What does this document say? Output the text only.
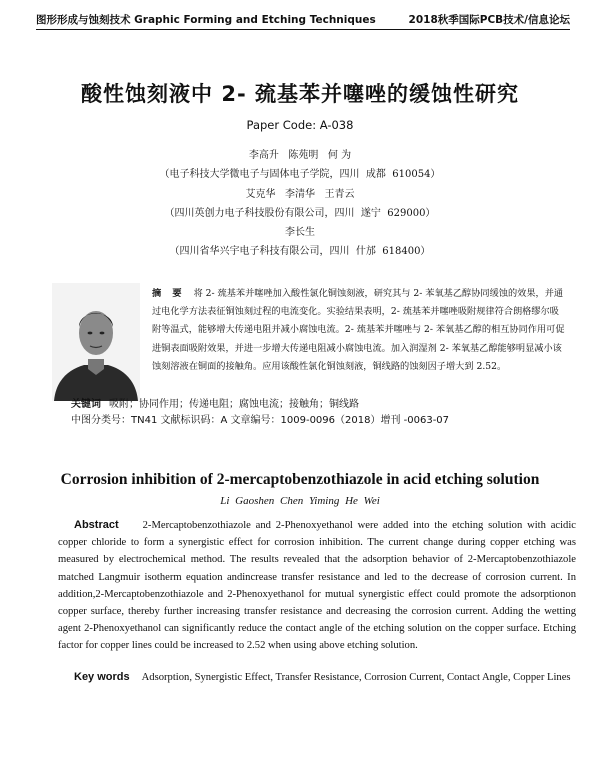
图形形成与蚀刻技术 Graphic Forming and Etching Techniques	2018秋季国际PCB技术/信息论坛
酸性蚀刻液中 2- 巯基苯并噻唑的缓蚀性研究
Paper Code: A-038
李高升   陈苑明   何 为
（电子科技大学微电子与固体电子学院，四川  成都  610054）
艾克华   李清华   王青云
（四川英创力电子科技股份有限公司，四川  遂宁  629000）
李长生
（四川省华兴宇电子科技有限公司，四川  什邡  618400）
摘 要 将 2- 巯基苯并噻唑加入酸性氯化铜蚀刻液，研究其与 2- 苯氧基乙醇协同缓蚀的效果，并通过电化学方法表征铜蚀刻过程的电流变化。实验结果表明，2- 巯基苯并噻唑吸附规律符合朗格缪尔吸附等温式，能够增大传递电阻并减小腐蚀电流。2- 巯基苯并噻唑与 2- 苯氧基乙醇的相互协同作用可促进铜表面吸附效果，并进一步增大传递电阻减小腐蚀电流。加入润湿剂 2- 苯氧基乙醇能够明显减小该蚀刻溶液在铜面的接触角。应用该酸性氯化铜蚀刻液，铜线路的蚀刻因子增大到 2.52。
关键词 吸附；协同作用；传递电阻；腐蚀电流；接触角；铜线路
中图分类号：TN41 文献标识码：A 文章编号：1009-0096（2018）增刊 -0063-07
Corrosion inhibition of 2-mercaptobenzothiazole in acid etching solution
Li Gaoshen Chen Yiming He Wei
Abstract 2-Mercaptobenzothiazole and 2-Phenoxyethanol were added into the etching solution with acidic copper chloride to form a synergistic effect for corrosion inhibition. The current change during copper etching was measured by electrochemical method. The results revealed that the adsorption behavior of 2-Mercaptobenzothiazole matched Langmuir isotherm equation andincrease transfer resistance and led to the decrease of corrosion current. In addition,2-Mercaptobenzothiazole and 2-Phenoxyethanol for mutual synergistic effect could promote the adsorptionon copper surface, thereby further increasing transfer resistance and decreasing the corrosion current. Adding the wetting agent 2-Phenoxyethanol can significantly reduce the contact angle of the etching solution on the copper surface. Etching factor for copper lines could be increased to 2.52 when using above etching solution.
Key words Adsorption, Synergistic Effect, Transfer Resistance, Corrosion Current, Contact Angle, Copper Lines
